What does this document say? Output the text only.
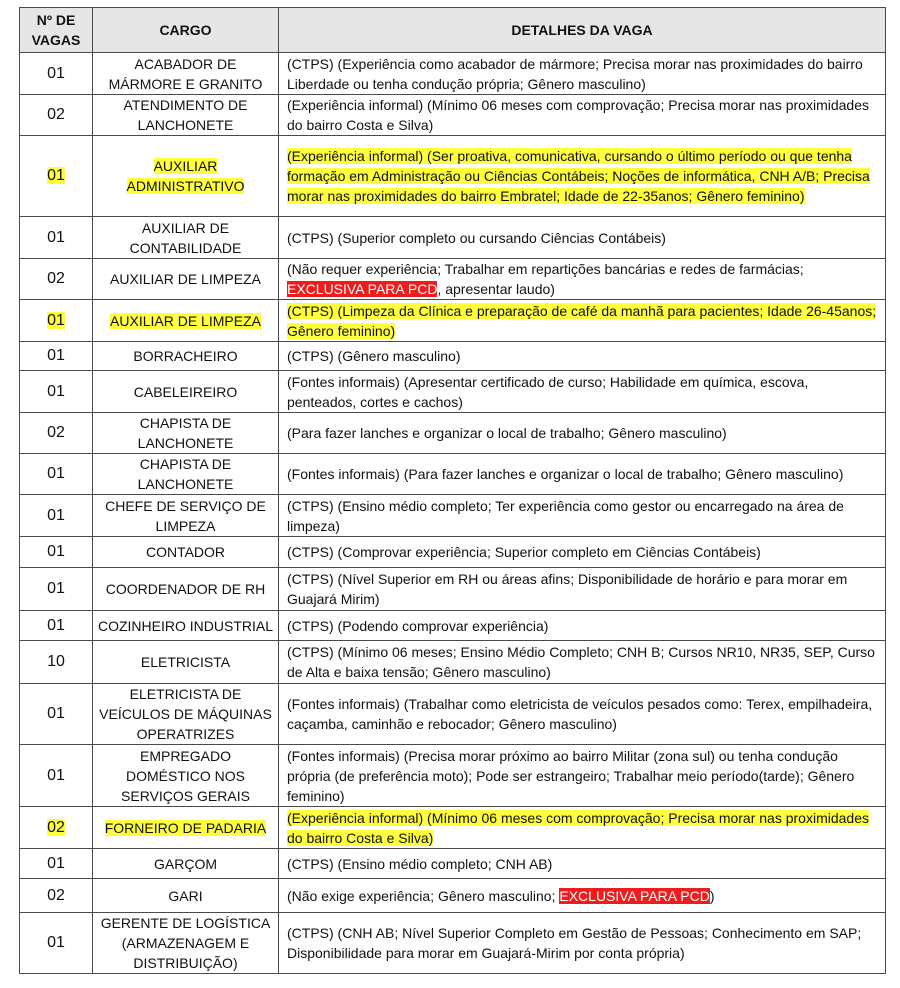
Nº DE VAGAS	CARGO	DETALHES DA VAGA
01	ACABADOR DE MÁRMORE E GRANITO	(CTPS) (Experiência como acabador de mármore; Precisa morar nas proximidades do bairro Liberdade ou tenha condução própria; Gênero masculino)
02	ATENDIMENTO DE LANCHONETE	(Experiência informal) (Mínimo 06 meses com comprovação; Precisa morar nas proximidades do bairro Costa e Silva)
01	AUXILIAR ADMINISTRATIVO	(Experiência informal) (Ser proativa, comunicativa, cursando o último período ou que tenha formação em Administração ou Ciências Contábeis; Noções de informática, CNH A/B; Precisa morar nas proximidades do bairro Embratel; Idade de 22-35anos; Gênero feminino)
01	AUXILIAR DE CONTABILIDADE	(CTPS) (Superior completo ou cursando Ciências Contábeis)
02	AUXILIAR DE LIMPEZA	(Não requer experiência; Trabalhar em repartições bancárias e redes de farmácias; EXCLUSIVA PARA PCD, apresentar laudo)
01	AUXILIAR DE LIMPEZA	(CTPS) (Limpeza da Clínica e preparação de café da manhã para pacientes; Idade 26-45anos; Gênero feminino)
01	BORRACHEIRO	(CTPS) (Gênero masculino)
01	CABELEIREIRO	(Fontes informais) (Apresentar certificado de curso; Habilidade em química, escova, penteados, cortes e cachos)
02	CHAPISTA DE LANCHONETE	(Para fazer lanches e organizar o local de trabalho; Gênero masculino)
01	CHAPISTA DE LANCHONETE	(Fontes informais) (Para fazer lanches e organizar o local de trabalho; Gênero masculino)
01	CHEFE DE SERVIÇO DE LIMPEZA	(CTPS) (Ensino médio completo; Ter experiência como gestor ou encarregado na área de limpeza)
01	CONTADOR	(CTPS) (Comprovar experiência; Superior completo em Ciências Contábeis)
01	COORDENADOR DE RH	(CTPS) (Nível Superior em RH ou áreas afins; Disponibilidade de horário e para morar em Guajará Mirim)
01	COZINHEIRO INDUSTRIAL	(CTPS) (Podendo comprovar experiência)
10	ELETRICISTA	(CTPS) (Mínimo 06 meses; Ensino Médio Completo; CNH B; Cursos NR10, NR35, SEP, Curso de Alta e baixa tensão; Gênero masculino)
01	ELETRICISTA DE VEÍCULOS DE MÁQUINAS OPERATRIZES	(Fontes informais) (Trabalhar como eletricista de veículos pesados como: Terex, empilhadeira, caçamba, caminhão e rebocador; Gênero masculino)
01	EMPREGADO DOMÉSTICO NOS SERVIÇOS GERAIS	(Fontes informais) (Precisa morar próximo ao bairro Militar (zona sul) ou tenha condução própria (de preferência moto); Pode ser estrangeiro; Trabalhar meio período(tarde); Gênero feminino)
02	FORNEIRO DE PADARIA	(Experiência informal) (Mínimo 06 meses com comprovação; Precisa morar nas proximidades do bairro Costa e Silva)
01	GARÇOM	(CTPS) (Ensino médio completo; CNH AB)
02	GARI	(Não exige experiência; Gênero masculino; EXCLUSIVA PARA PCD)
01	GERENTE DE LOGÍSTICA (ARMAZENAGEM E DISTRIBUIÇÃO)	(CTPS) (CNH AB; Nível Superior Completo em Gestão de Pessoas; Conhecimento em SAP; Disponibilidade para morar em Guajará-Mirim por conta própria)
